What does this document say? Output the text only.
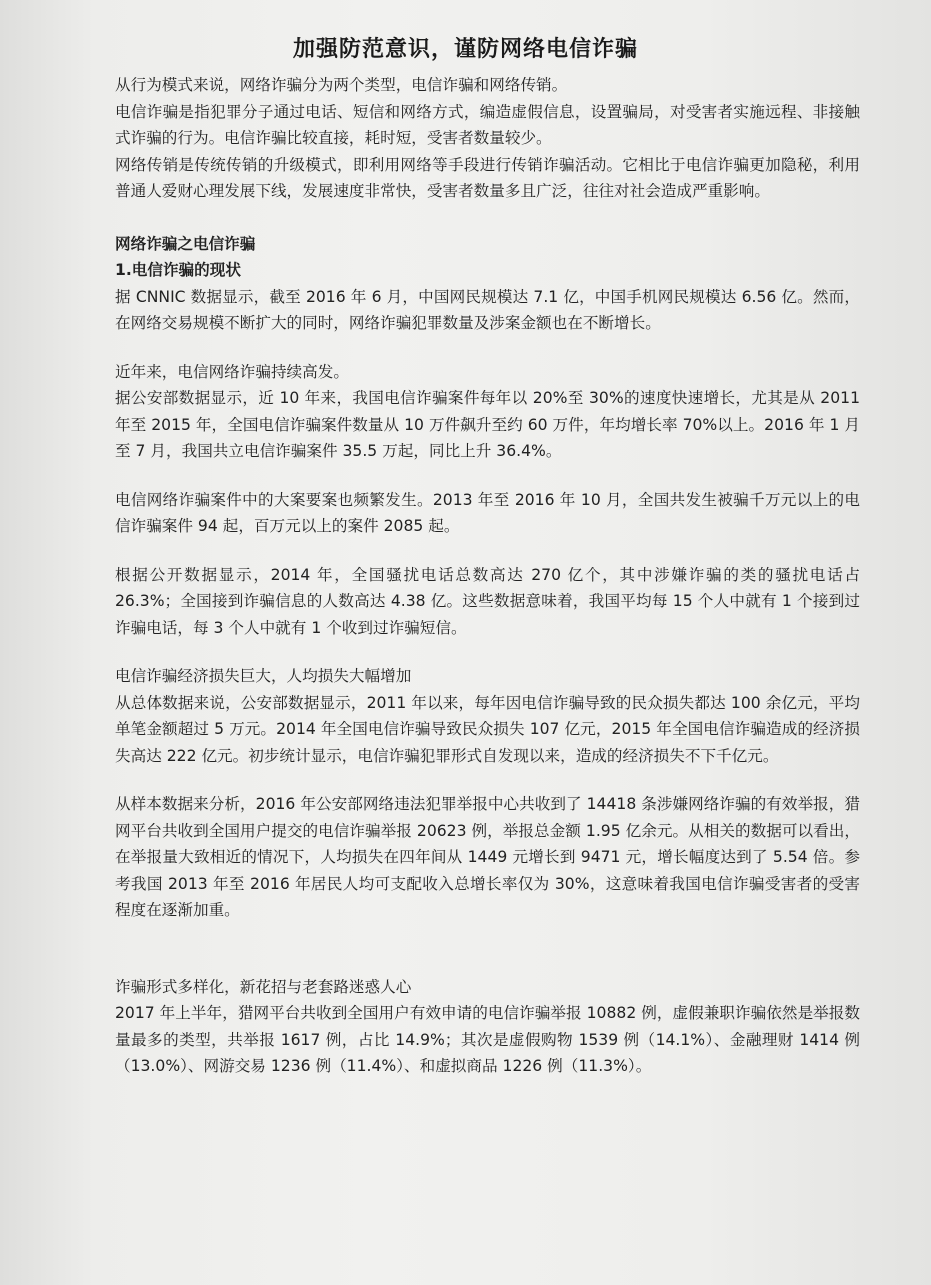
加强防范意识，谨防网络电信诈骗

从行为模式来说，网络诈骗分为两个类型，电信诈骗和网络传销。

电信诈骗是指犯罪分子通过电话、短信和网络方式，编造虚假信息，设置骗局，对受害者实施远程、非接触式诈骗的行为。电信诈骗比较直接，耗时短，受害者数量较少。

网络传销是传统传销的升级模式，即利用网络等手段进行传销诈骗活动。它相比于电信诈骗更加隐秘，利用普通人爱财心理发展下线，发展速度非常快，受害者数量多且广泛，往往对社会造成严重影响。

网络诈骗之电信诈骗

1.电信诈骗的现状

据 CNNIC 数据显示，截至 2016 年 6 月，中国网民规模达 7.1 亿，中国手机网民规模达 6.56 亿。然而，在网络交易规模不断扩大的同时，网络诈骗犯罪数量及涉案金额也在不断增长。

近年来，电信网络诈骗持续高发。

据公安部数据显示，近 10 年来，我国电信诈骗案件每年以 20%至 30%的速度快速增长，尤其是从 2011 年至 2015 年，全国电信诈骗案件数量从 10 万件飙升至约 60 万件，年均增长率 70%以上。2016 年 1 月至 7 月，我国共立电信诈骗案件 35.5 万起，同比上升 36.4%。

电信网络诈骗案件中的大案要案也频繁发生。2013 年至 2016 年 10 月，全国共发生被骗千万元以上的电信诈骗案件 94 起，百万元以上的案件 2085 起。

根据公开数据显示，2014 年，全国骚扰电话总数高达 270 亿个，其中涉嫌诈骗的类的骚扰电话占 26.3%；全国接到诈骗信息的人数高达 4.38 亿。这些数据意味着，我国平均每 15 个人中就有 1 个接到过诈骗电话，每 3 个人中就有 1 个收到过诈骗短信。

电信诈骗经济损失巨大，人均损失大幅增加

从总体数据来说，公安部数据显示，2011 年以来，每年因电信诈骗导致的民众损失都达 100 余亿元，平均单笔金额超过 5 万元。2014 年全国电信诈骗导致民众损失 107 亿元，2015 年全国电信诈骗造成的经济损失高达 222 亿元。初步统计显示，电信诈骗犯罪形式自发现以来，造成的经济损失不下千亿元。

从样本数据来分析，2016 年公安部网络违法犯罪举报中心共收到了 14418 条涉嫌网络诈骗的有效举报，猎网平台共收到全国用户提交的电信诈骗举报 20623 例，举报总金额 1.95 亿余元。从相关的数据可以看出，在举报量大致相近的情况下，人均损失在四年间从 1449 元增长到 9471 元，增长幅度达到了 5.54 倍。参考我国 2013 年至 2016 年居民人均可支配收入总增长率仅为 30%，这意味着我国电信诈骗受害者的受害程度在逐渐加重。

诈骗形式多样化，新花招与老套路迷惑人心

2017 年上半年，猎网平台共收到全国用户有效申请的电信诈骗举报 10882 例，虚假兼职诈骗依然是举报数量最多的类型，共举报 1617 例，占比 14.9%；其次是虚假购物 1539 例（14.1%）、金融理财 1414 例（13.0%）、网游交易 1236 例（11.4%）、和虚拟商品 1226 例（11.3%）。
